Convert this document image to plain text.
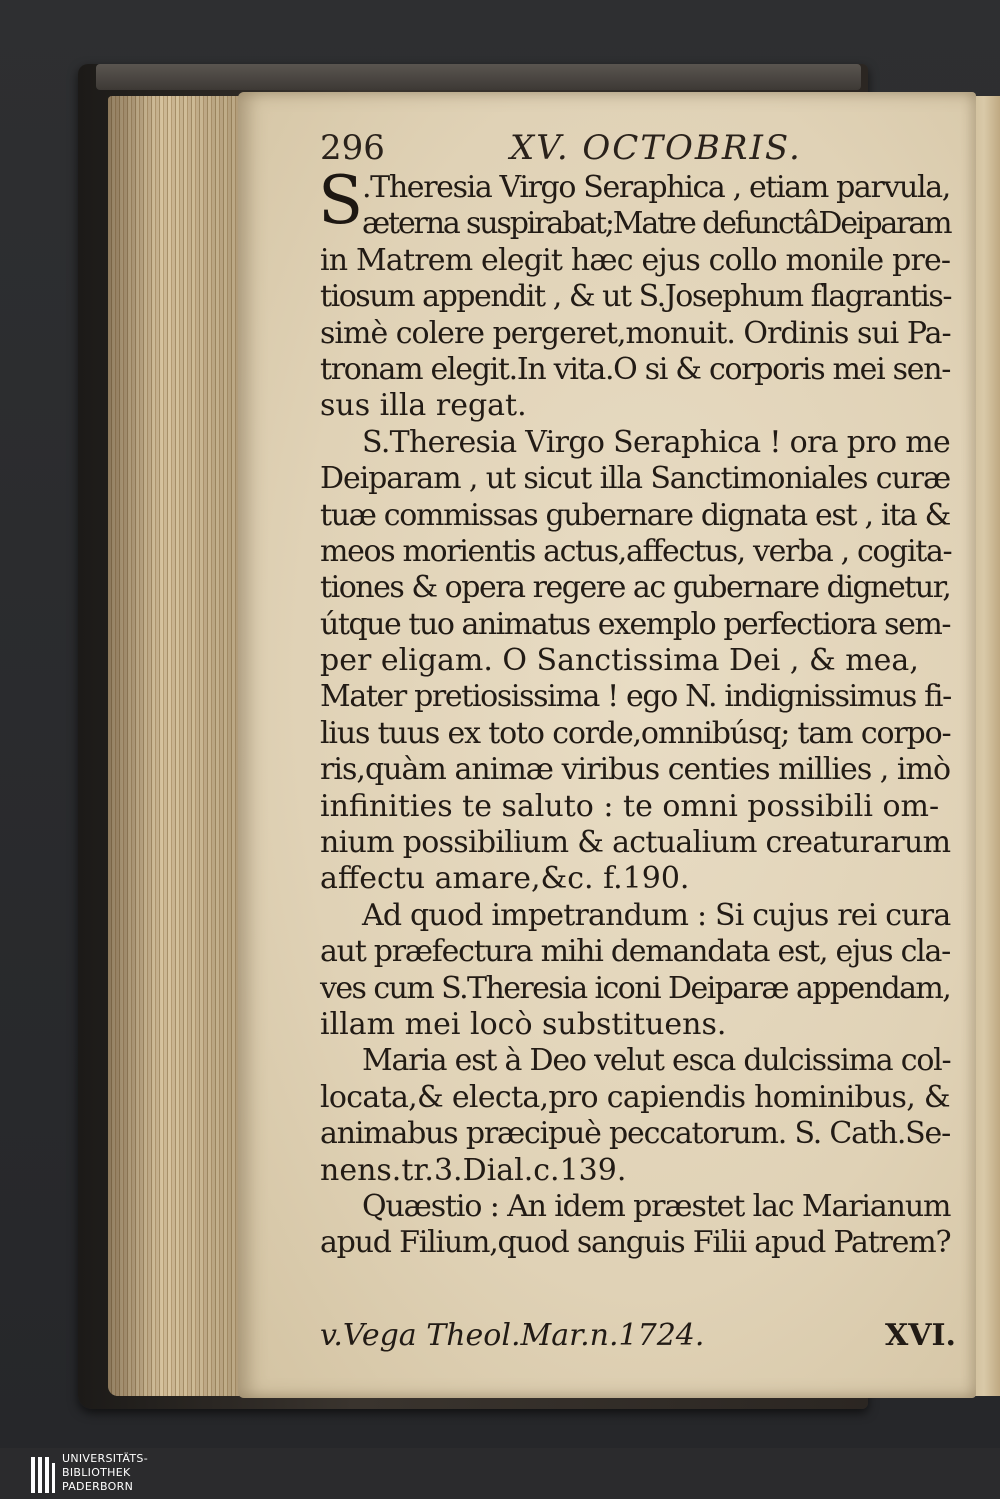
296	XV. OCTOBRIS.
S
.Theresia Virgo Seraphica , etiam parvula,
æterna suspirabat;Matre defunctâDeiparam
in Matrem elegit hæc ejus collo monile pre-
tiosum appendit , & ut S.Josephum flagrantis-
simè colere pergeret,monuit. Ordinis sui Pa-
tronam elegit.In vita.O si & corporis mei sen-
sus illa regat.
S.Theresia Virgo Seraphica ! ora pro me
Deiparam , ut sicut illa Sanctimoniales curæ
tuæ commissas gubernare dignata est , ita &
meos morientis actus,affectus, verba , cogita-
tiones & opera regere ac gubernare dignetur,
útque tuo animatus exemplo perfectiora sem-
per eligam. O Sanctissima Dei , & mea,
Mater pretiosissima ! ego N. indignissimus fi-
lius tuus ex toto corde,omnibúsq; tam corpo-
ris,quàm animæ viribus centies millies , imò
infinities te saluto : te omni possibili om-
nium possibilium & actualium creaturarum
affectu amare,&c. f.190.
Ad quod impetrandum : Si cujus rei cura
aut præfectura mihi demandata est, ejus cla-
ves cum S.Theresia iconi Deiparæ appendam,
illam mei locò substituens.
Maria est à Deo velut esca dulcissima col-
locata,& electa,pro capiendis hominibus, &
animabus præcipuè peccatorum. S. Cath.Se-
nens.tr.3.Dial.c.139.
Quæstio : An idem præstet lac Marianum
apud Filium,quod sanguis Filii apud Patrem?
v.Vega Theol.Mar.n.1724.	XVI.
UNIVERSITÄTS-
BIBLIOTHEK
PADERBORN
